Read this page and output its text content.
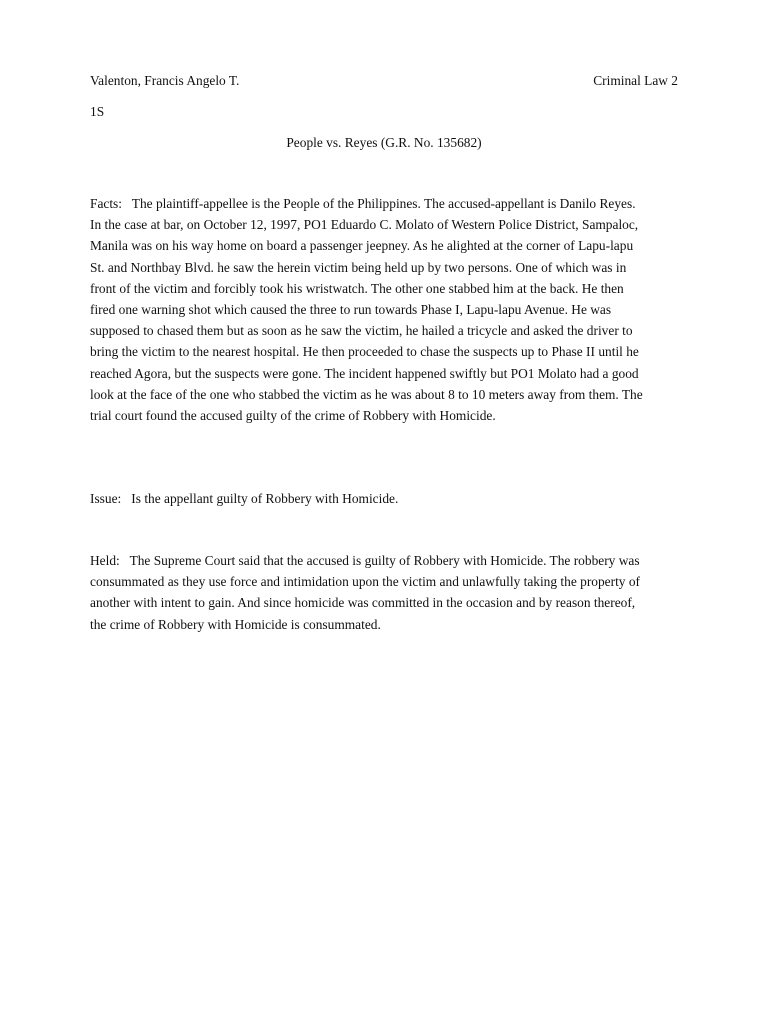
Valenton, Francis Angelo T.	Criminal Law 2
1S
People vs. Reyes (G.R. No. 135682)

Facts:   The plaintiff-appellee is the People of the Philippines. The accused-appellant is Danilo Reyes. In the case at bar, on October 12, 1997, PO1 Eduardo C. Molato of Western Police District, Sampaloc, Manila was on his way home on board a passenger jeepney. As he alighted at the corner of Lapu-lapu St. and Northbay Blvd. he saw the herein victim being held up by two persons. One of which was in front of the victim and forcibly took his wristwatch. The other one stabbed him at the back. He then fired one warning shot which caused the three to run towards Phase I, Lapu-lapu Avenue. He was supposed to chased them but as soon as he saw the victim, he hailed a tricycle and asked the driver to bring the victim to the nearest hospital. He then proceeded to chase the suspects up to Phase II until he reached Agora, but the suspects were gone. The incident happened swiftly but PO1 Molato had a good look at the face of the one who stabbed the victim as he was about 8 to 10 meters away from them. The trial court found the accused guilty of the crime of Robbery with Homicide.

Issue:   Is the appellant guilty of Robbery with Homicide.

Held:   The Supreme Court said that the accused is guilty of Robbery with Homicide. The robbery was consummated as they use force and intimidation upon the victim and unlawfully taking the property of another with intent to gain. And since homicide was committed in the occasion and by reason thereof, the crime of Robbery with Homicide is consummated.
